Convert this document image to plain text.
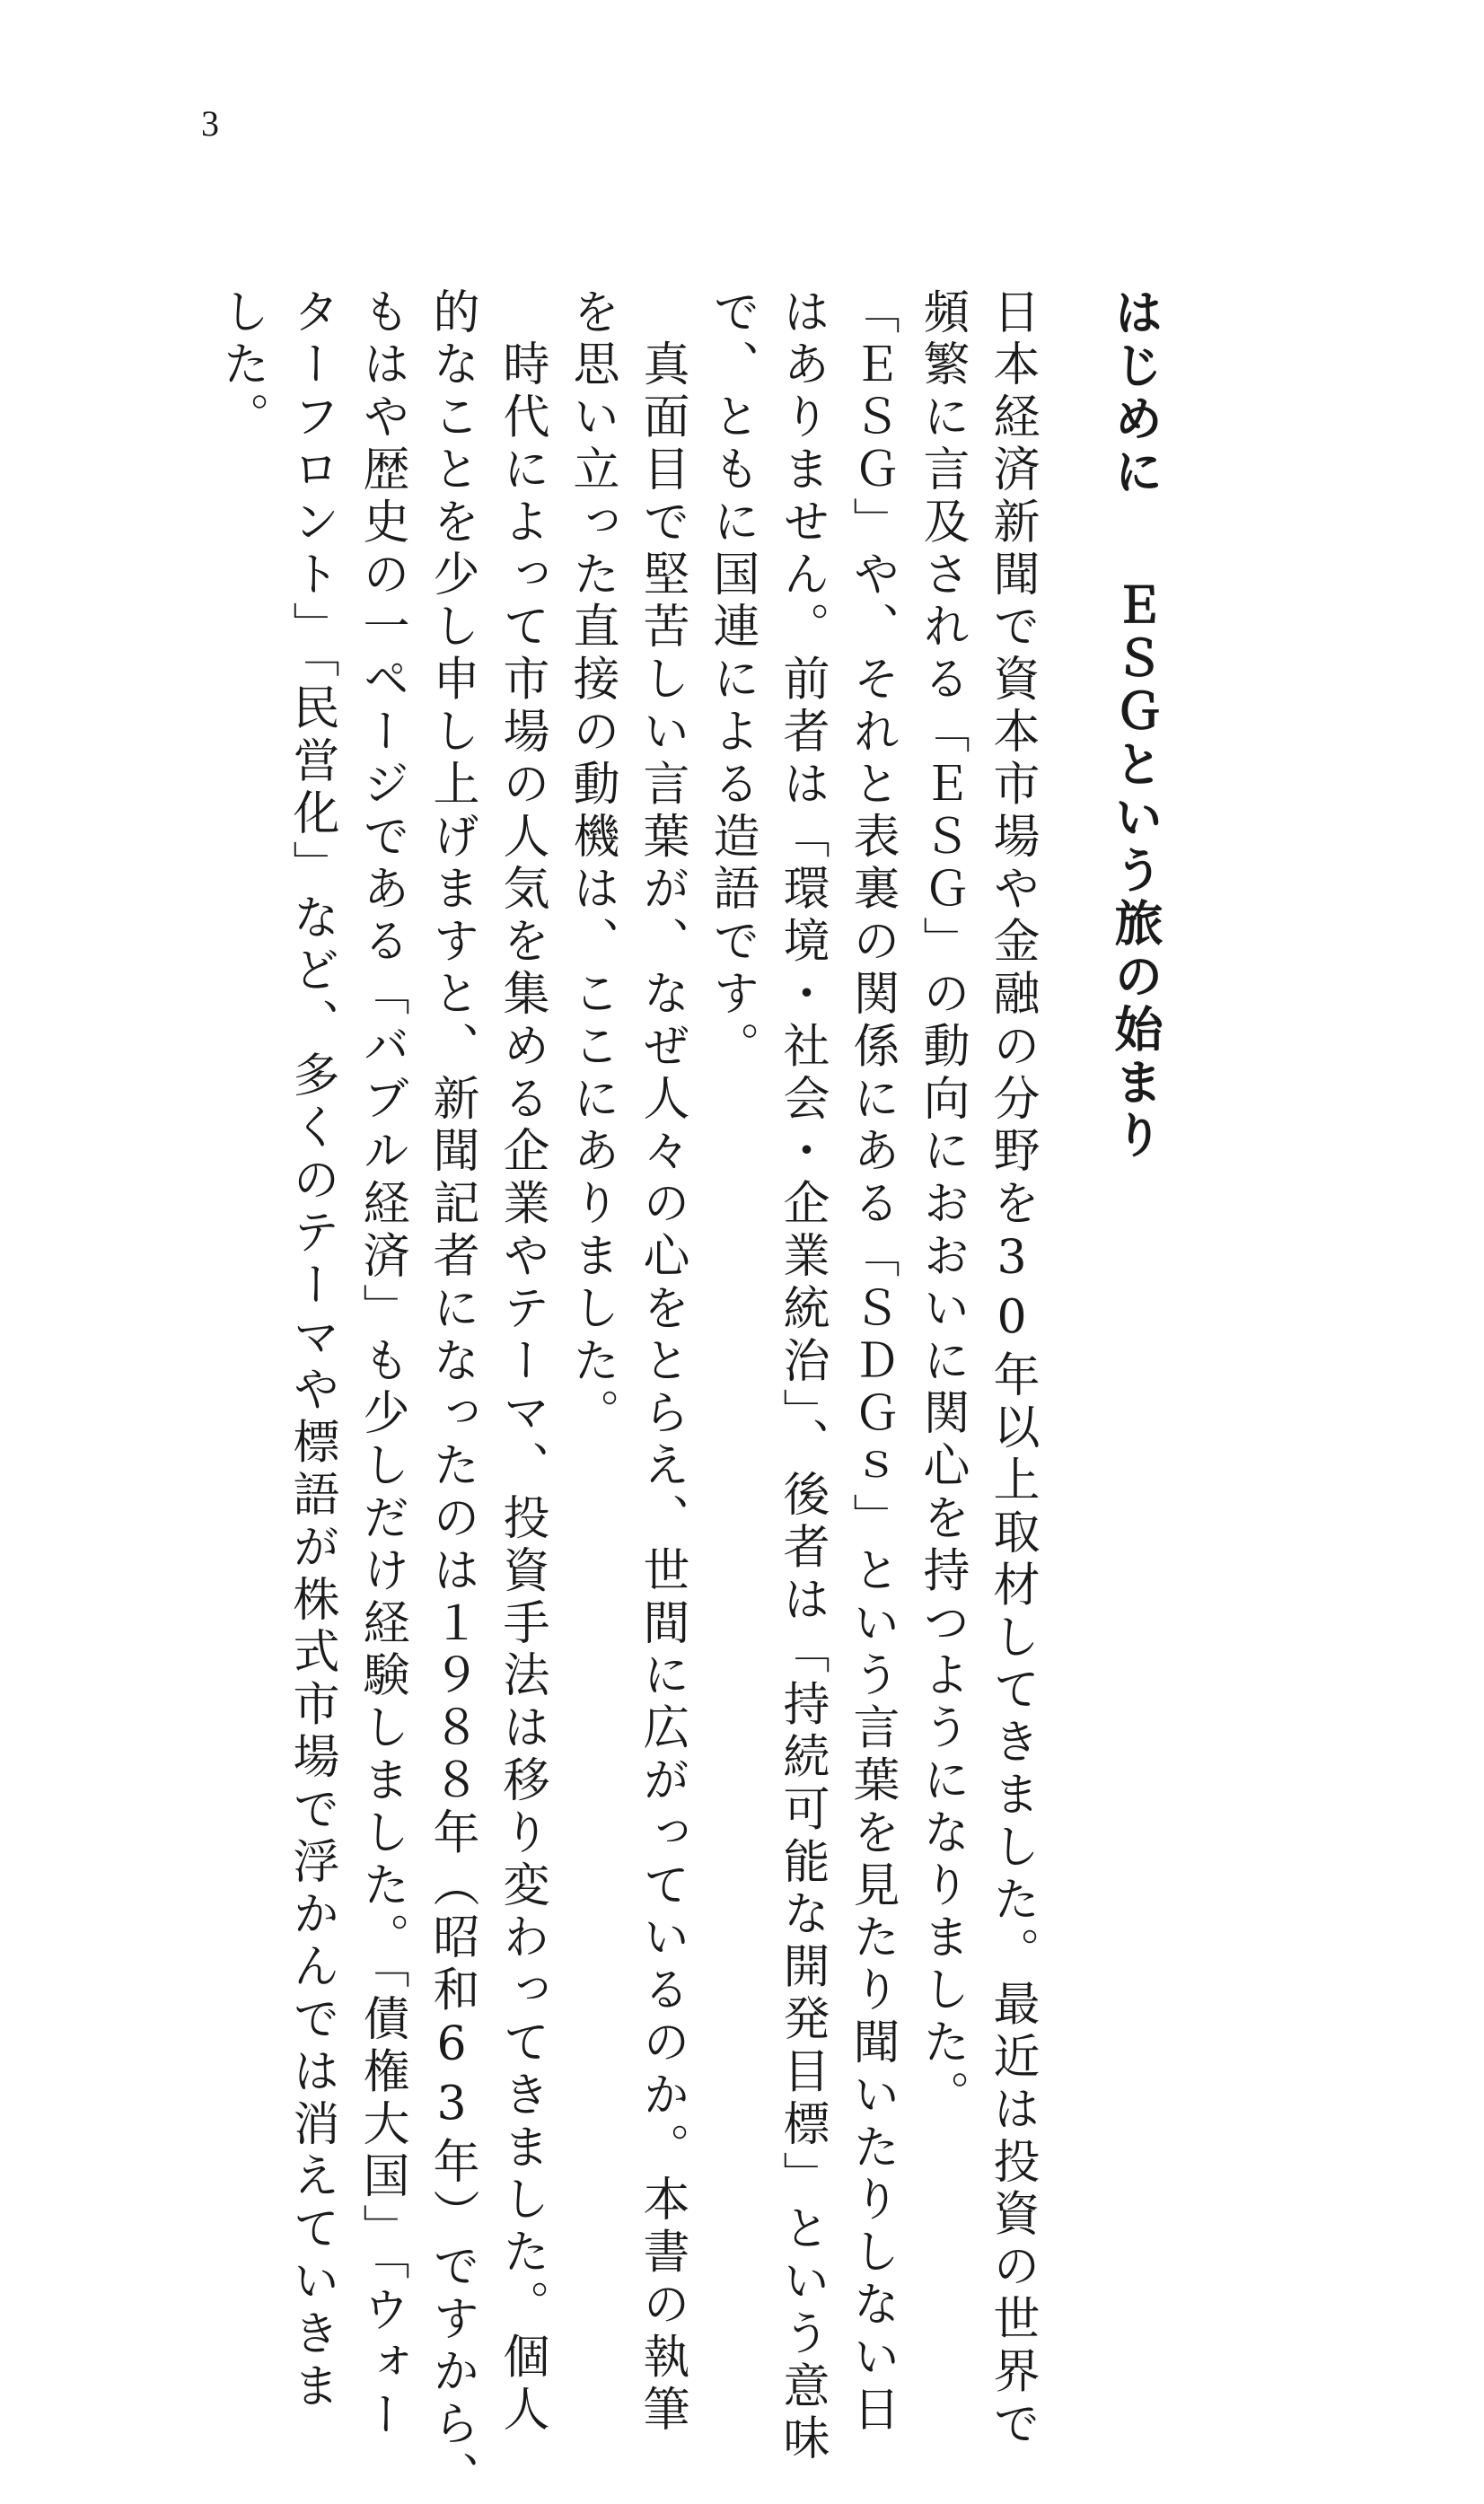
3
はじめにＥＳＧという旅の始まり
日本経済新聞で資本市場や金融の分野を30年以上取材してきました。最近は投資の世界で
頻繁に言及される「ＥＳＧ」の動向におおいに関心を持つようになりました。
「ＥＳＧ」や、それと表裏の関係にある「ＳＤＧｓ」という言葉を見たり聞いたりしない日
はありません。前者は「環境・社会・企業統治」、後者は「持続可能な開発目標」という意味
で、ともに国連による造語です。
　真面目で堅苦しい言葉が、なぜ人々の心をとらえ、世間に広がっているのか。本書の執筆
を思い立った直接の動機は、ここにありました。
　時代によって市場の人気を集める企業やテーマ、投資手法は移り変わってきました。個人
的なことを少し申し上げますと、新聞記者になったのは１９８８年（昭和63年）ですから、
もはや歴史の一ページである「バブル経済」も少しだけ経験しました。「債権大国」「ウォー
ターフロント」「民営化」など、多くのテーマや標語が株式市場で浮かんでは消えていきま
した。
